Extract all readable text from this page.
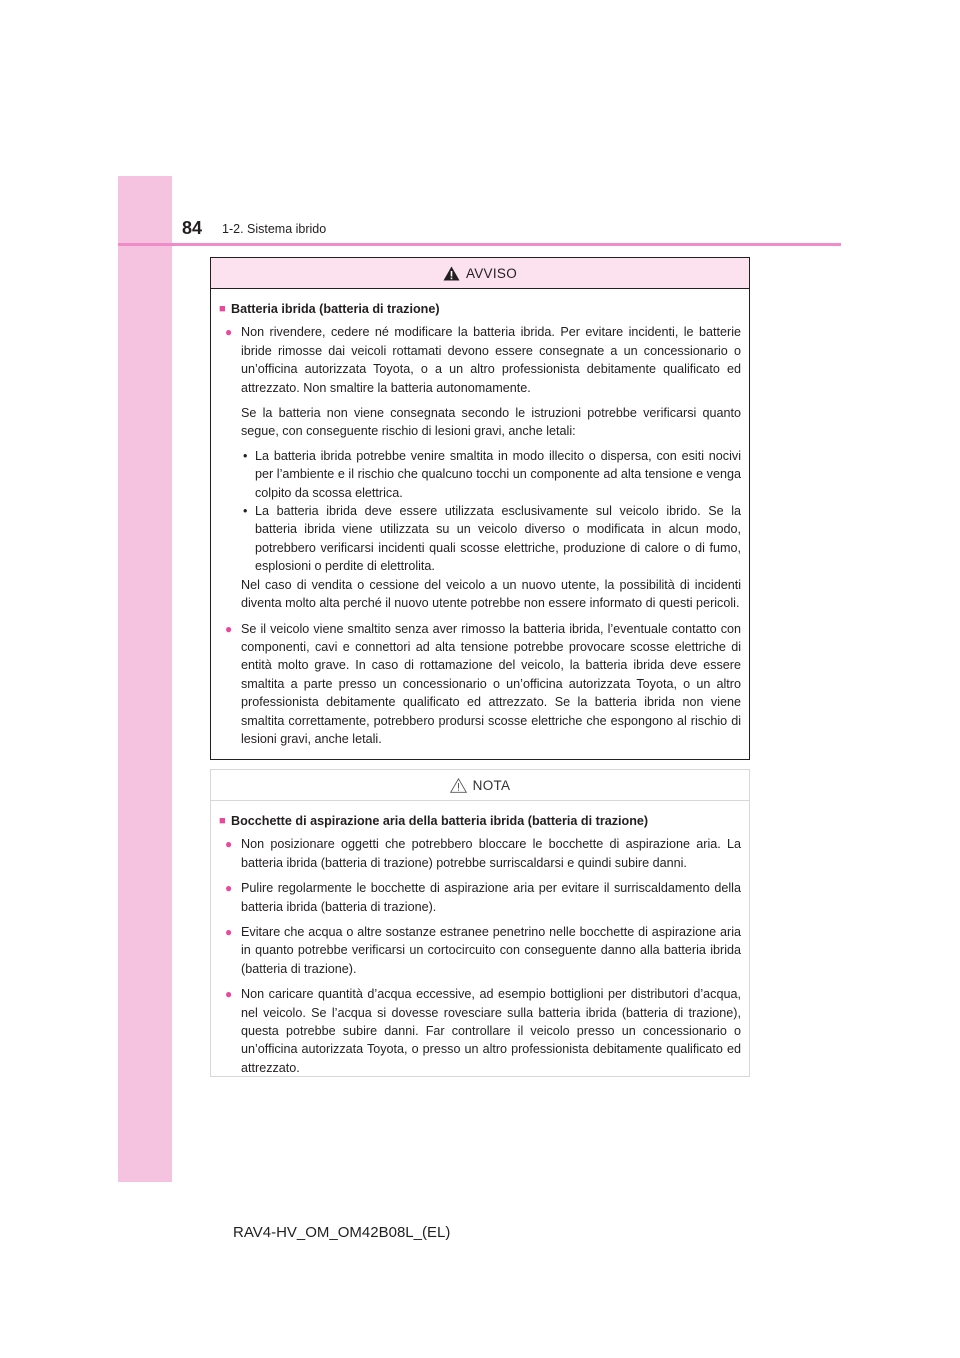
84 1-2. Sistema ibrido
AVVISO
■ Batteria ibrida (batteria di trazione)
● Non rivendere, cedere né modificare la batteria ibrida. Per evitare incidenti, le batterie ibride rimosse dai veicoli rottamati devono essere consegnate a un concessionario o un’officina autorizzata Toyota, o a un altro professionista debitamente qualificato ed attrezzato. Non smaltire la batteria autonomamente.
Se la batteria non viene consegnata secondo le istruzioni potrebbe verificarsi quanto segue, con conseguente rischio di lesioni gravi, anche letali:
• La batteria ibrida potrebbe venire smaltita in modo illecito o dispersa, con esiti nocivi per l’ambiente e il rischio che qualcuno tocchi un componente ad alta tensione e venga colpito da scossa elettrica.
• La batteria ibrida deve essere utilizzata esclusivamente sul veicolo ibrido. Se la batteria ibrida viene utilizzata su un veicolo diverso o modificata in alcun modo, potrebbero verificarsi incidenti quali scosse elettriche, produzione di calore o di fumo, esplosioni o perdite di elettrolita.
Nel caso di vendita o cessione del veicolo a un nuovo utente, la possibilità di incidenti diventa molto alta perché il nuovo utente potrebbe non essere informato di questi pericoli.
● Se il veicolo viene smaltito senza aver rimosso la batteria ibrida, l’eventuale contatto con componenti, cavi e connettori ad alta tensione potrebbe provocare scosse elettriche di entità molto grave. In caso di rottamazione del veicolo, la batteria ibrida deve essere smaltita a parte presso un concessionario o un’officina autorizzata Toyota, o un altro professionista debitamente qualificato ed attrezzato. Se la batteria ibrida non viene smaltita correttamente, potrebbero prodursi scosse elettriche che espongono al rischio di lesioni gravi, anche letali.
NOTA
■ Bocchette di aspirazione aria della batteria ibrida (batteria di trazione)
● Non posizionare oggetti che potrebbero bloccare le bocchette di aspirazione aria. La batteria ibrida (batteria di trazione) potrebbe surriscaldarsi e quindi subire danni.
● Pulire regolarmente le bocchette di aspirazione aria per evitare il surriscaldamento della batteria ibrida (batteria di trazione).
● Evitare che acqua o altre sostanze estranee penetrino nelle bocchette di aspirazione aria in quanto potrebbe verificarsi un cortocircuito con conseguente danno alla batteria ibrida (batteria di trazione).
● Non caricare quantità d’acqua eccessive, ad esempio bottiglioni per distributori d’acqua, nel veicolo. Se l’acqua si dovesse rovesciare sulla batteria ibrida (batteria di trazione), questa potrebbe subire danni. Far controllare il veicolo presso un concessionario o un’officina autorizzata Toyota, o presso un altro professionista debitamente qualificato ed attrezzato.
RAV4-HV_OM_OM42B08L_(EL)
